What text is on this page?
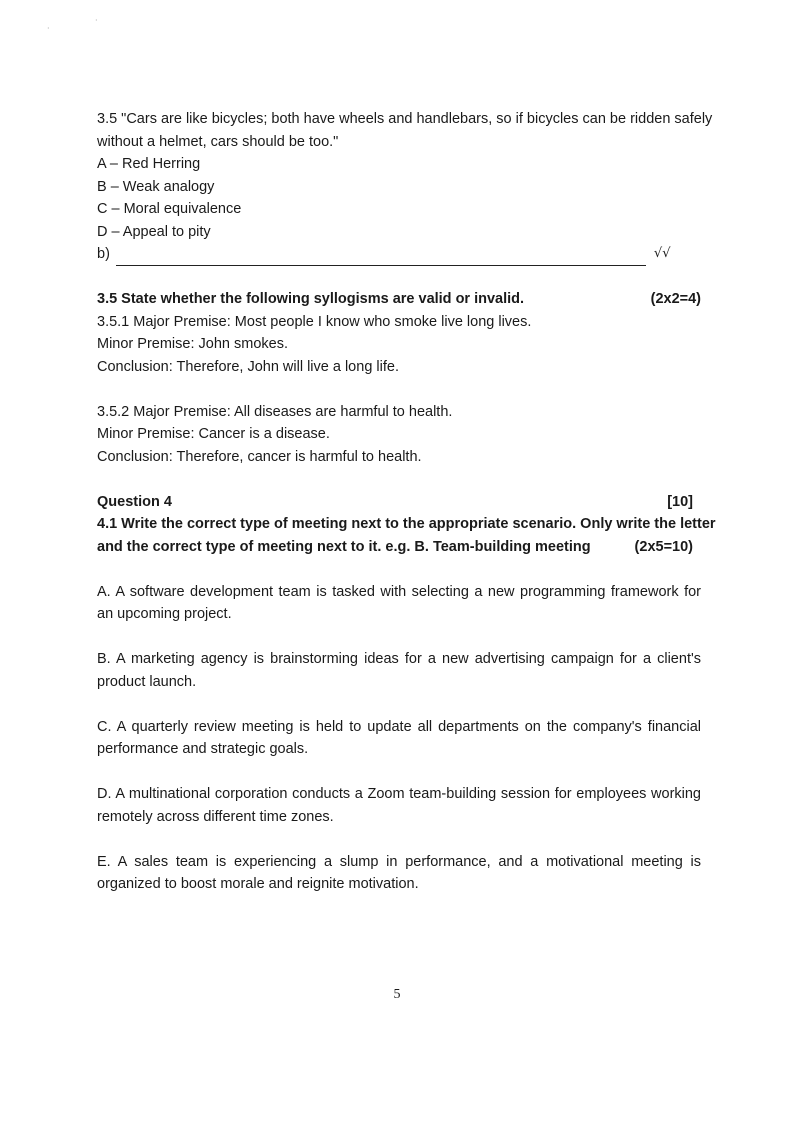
·
·
3.5 "Cars are like bicycles; both have wheels and handlebars, so if bicycles can be ridden safely
without a helmet, cars should be too."
A – Red Herring
B – Weak analogy
C – Moral equivalence
D – Appeal to pity
b)	√√
3.5 State whether the following syllogisms are valid or invalid.	(2x2=4)
3.5.1 Major Premise: Most people I know who smoke live long lives.
Minor Premise: John smokes.
Conclusion: Therefore, John will live a long life.
3.5.2 Major Premise: All diseases are harmful to health.
Minor Premise: Cancer is a disease.
Conclusion: Therefore, cancer is harmful to health.
Question 4	[10]
4.1 Write the correct type of meeting next to the appropriate scenario. Only write the letter
and the correct type of meeting next to it. e.g. B. Team-building meeting	(2x5=10)
A. A software development team is tasked with selecting a new programming framework for an upcoming project.
B. A marketing agency is brainstorming ideas for a new advertising campaign for a client's product launch.
C. A quarterly review meeting is held to update all departments on the company's financial performance and strategic goals.
D. A multinational corporation conducts a Zoom team-building session for employees working remotely across different time zones.
E. A sales team is experiencing a slump in performance, and a motivational meeting is organized to boost morale and reignite motivation.
5
